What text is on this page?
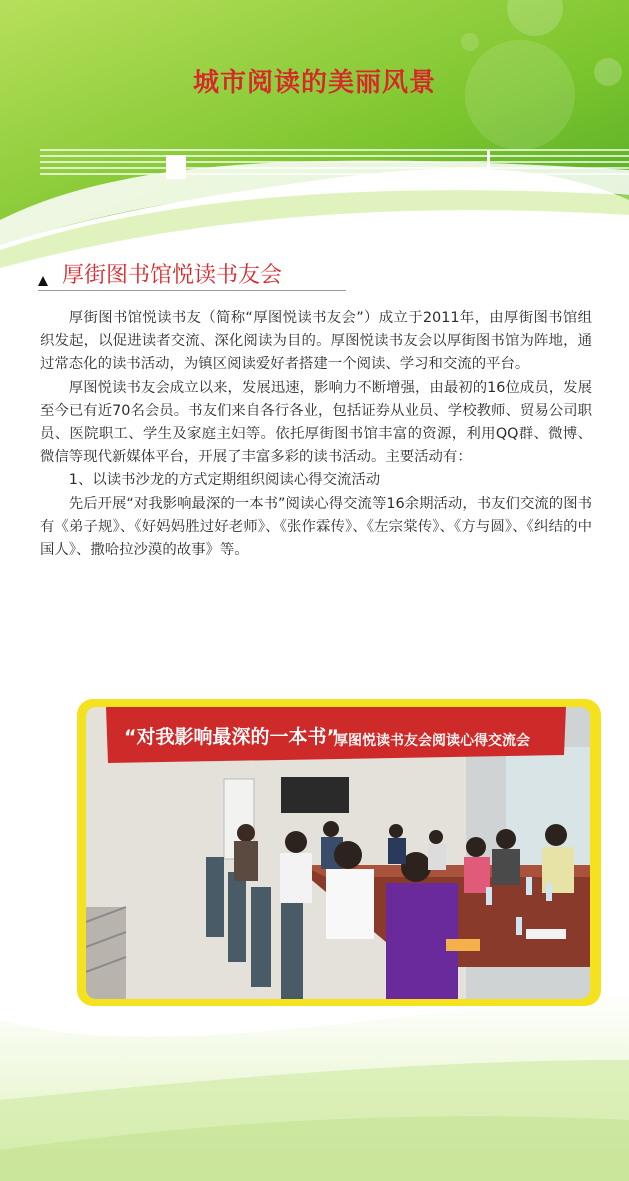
城市阅读的美丽风景
厚街图书馆悦读书友会

厚街图书馆悦读书友（简称“厚图悦读书友会”）成立于2011年，由厚街图书馆组织发起，以促进读者交流、深化阅读为目的。厚图悦读书友会以厚街图书馆为阵地，通过常态化的读书活动，为镇区阅读爱好者搭建一个阅读、学习和交流的平台。

厚图悦读书友会成立以来，发展迅速，影响力不断增强，由最初的16位成员，发展至今已有近70名会员。书友们来自各行各业，包括证券从业员、学校教师、贸易公司职员、医院职工、学生及家庭主妇等。依托厚街图书馆丰富的资源，利用QQ群、微博、微信等现代新媒体平台，开展了丰富多彩的读书活动。主要活动有：

1、以读书沙龙的方式定期组织阅读心得交流活动

先后开展“对我影响最深的一本书”阅读心得交流等16余期活动，书友们交流的图书有《弟子规》、《好妈妈胜过好老师》、《张作霖传》、《左宗棠传》、《方与圆》、《纠结的中国人》、撒哈拉沙漠的故事》等。

“对我影响最深的一本书”
厚图悦读书友会阅读心得交流会
